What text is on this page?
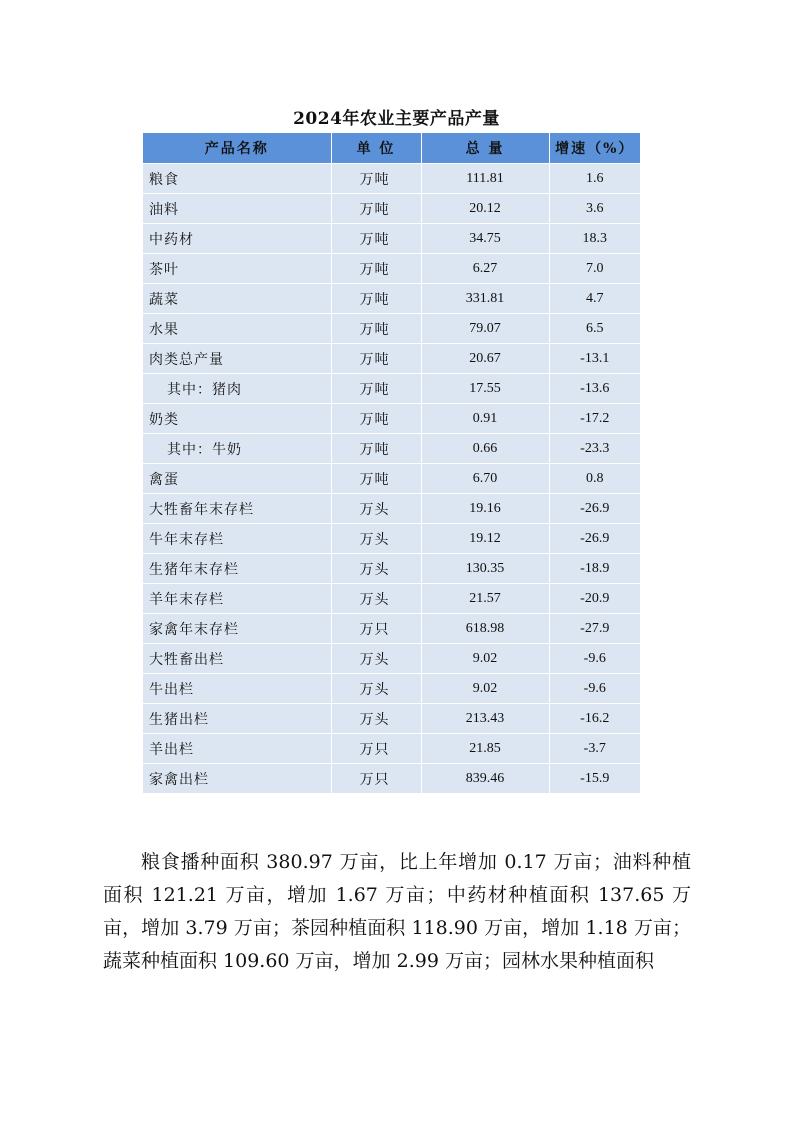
2024年农业主要产品产量
产品名称	单 位	总 量	增速（%）
粮食	万吨	111.81	1.6
油料	万吨	20.12	3.6
中药材	万吨	34.75	18.3
茶叶	万吨	6.27	7.0
蔬菜	万吨	331.81	4.7
水果	万吨	79.07	6.5
肉类总产量	万吨	20.67	-13.1
其中：猪肉	万吨	17.55	-13.6
奶类	万吨	0.91	-17.2
其中：牛奶	万吨	0.66	-23.3
禽蛋	万吨	6.70	0.8
大牲畜年末存栏	万头	19.16	-26.9
牛年末存栏	万头	19.12	-26.9
生猪年末存栏	万头	130.35	-18.9
羊年末存栏	万头	21.57	-20.9
家禽年末存栏	万只	618.98	-27.9
大牲畜出栏	万头	9.02	-9.6
牛出栏	万头	9.02	-9.6
生猪出栏	万头	213.43	-16.2
羊出栏	万只	21.85	-3.7
家禽出栏	万只	839.46	-15.9

粮食播种面积 380.97 万亩，比上年增加 0.17 万亩；油料种植面积 121.21 万亩，增加 1.67 万亩；中药材种植面积 137.65 万亩，增加 3.79 万亩；茶园种植面积 118.90 万亩，增加 1.18 万亩；蔬菜种植面积 109.60 万亩，增加 2.99 万亩；园林水果种植面积
